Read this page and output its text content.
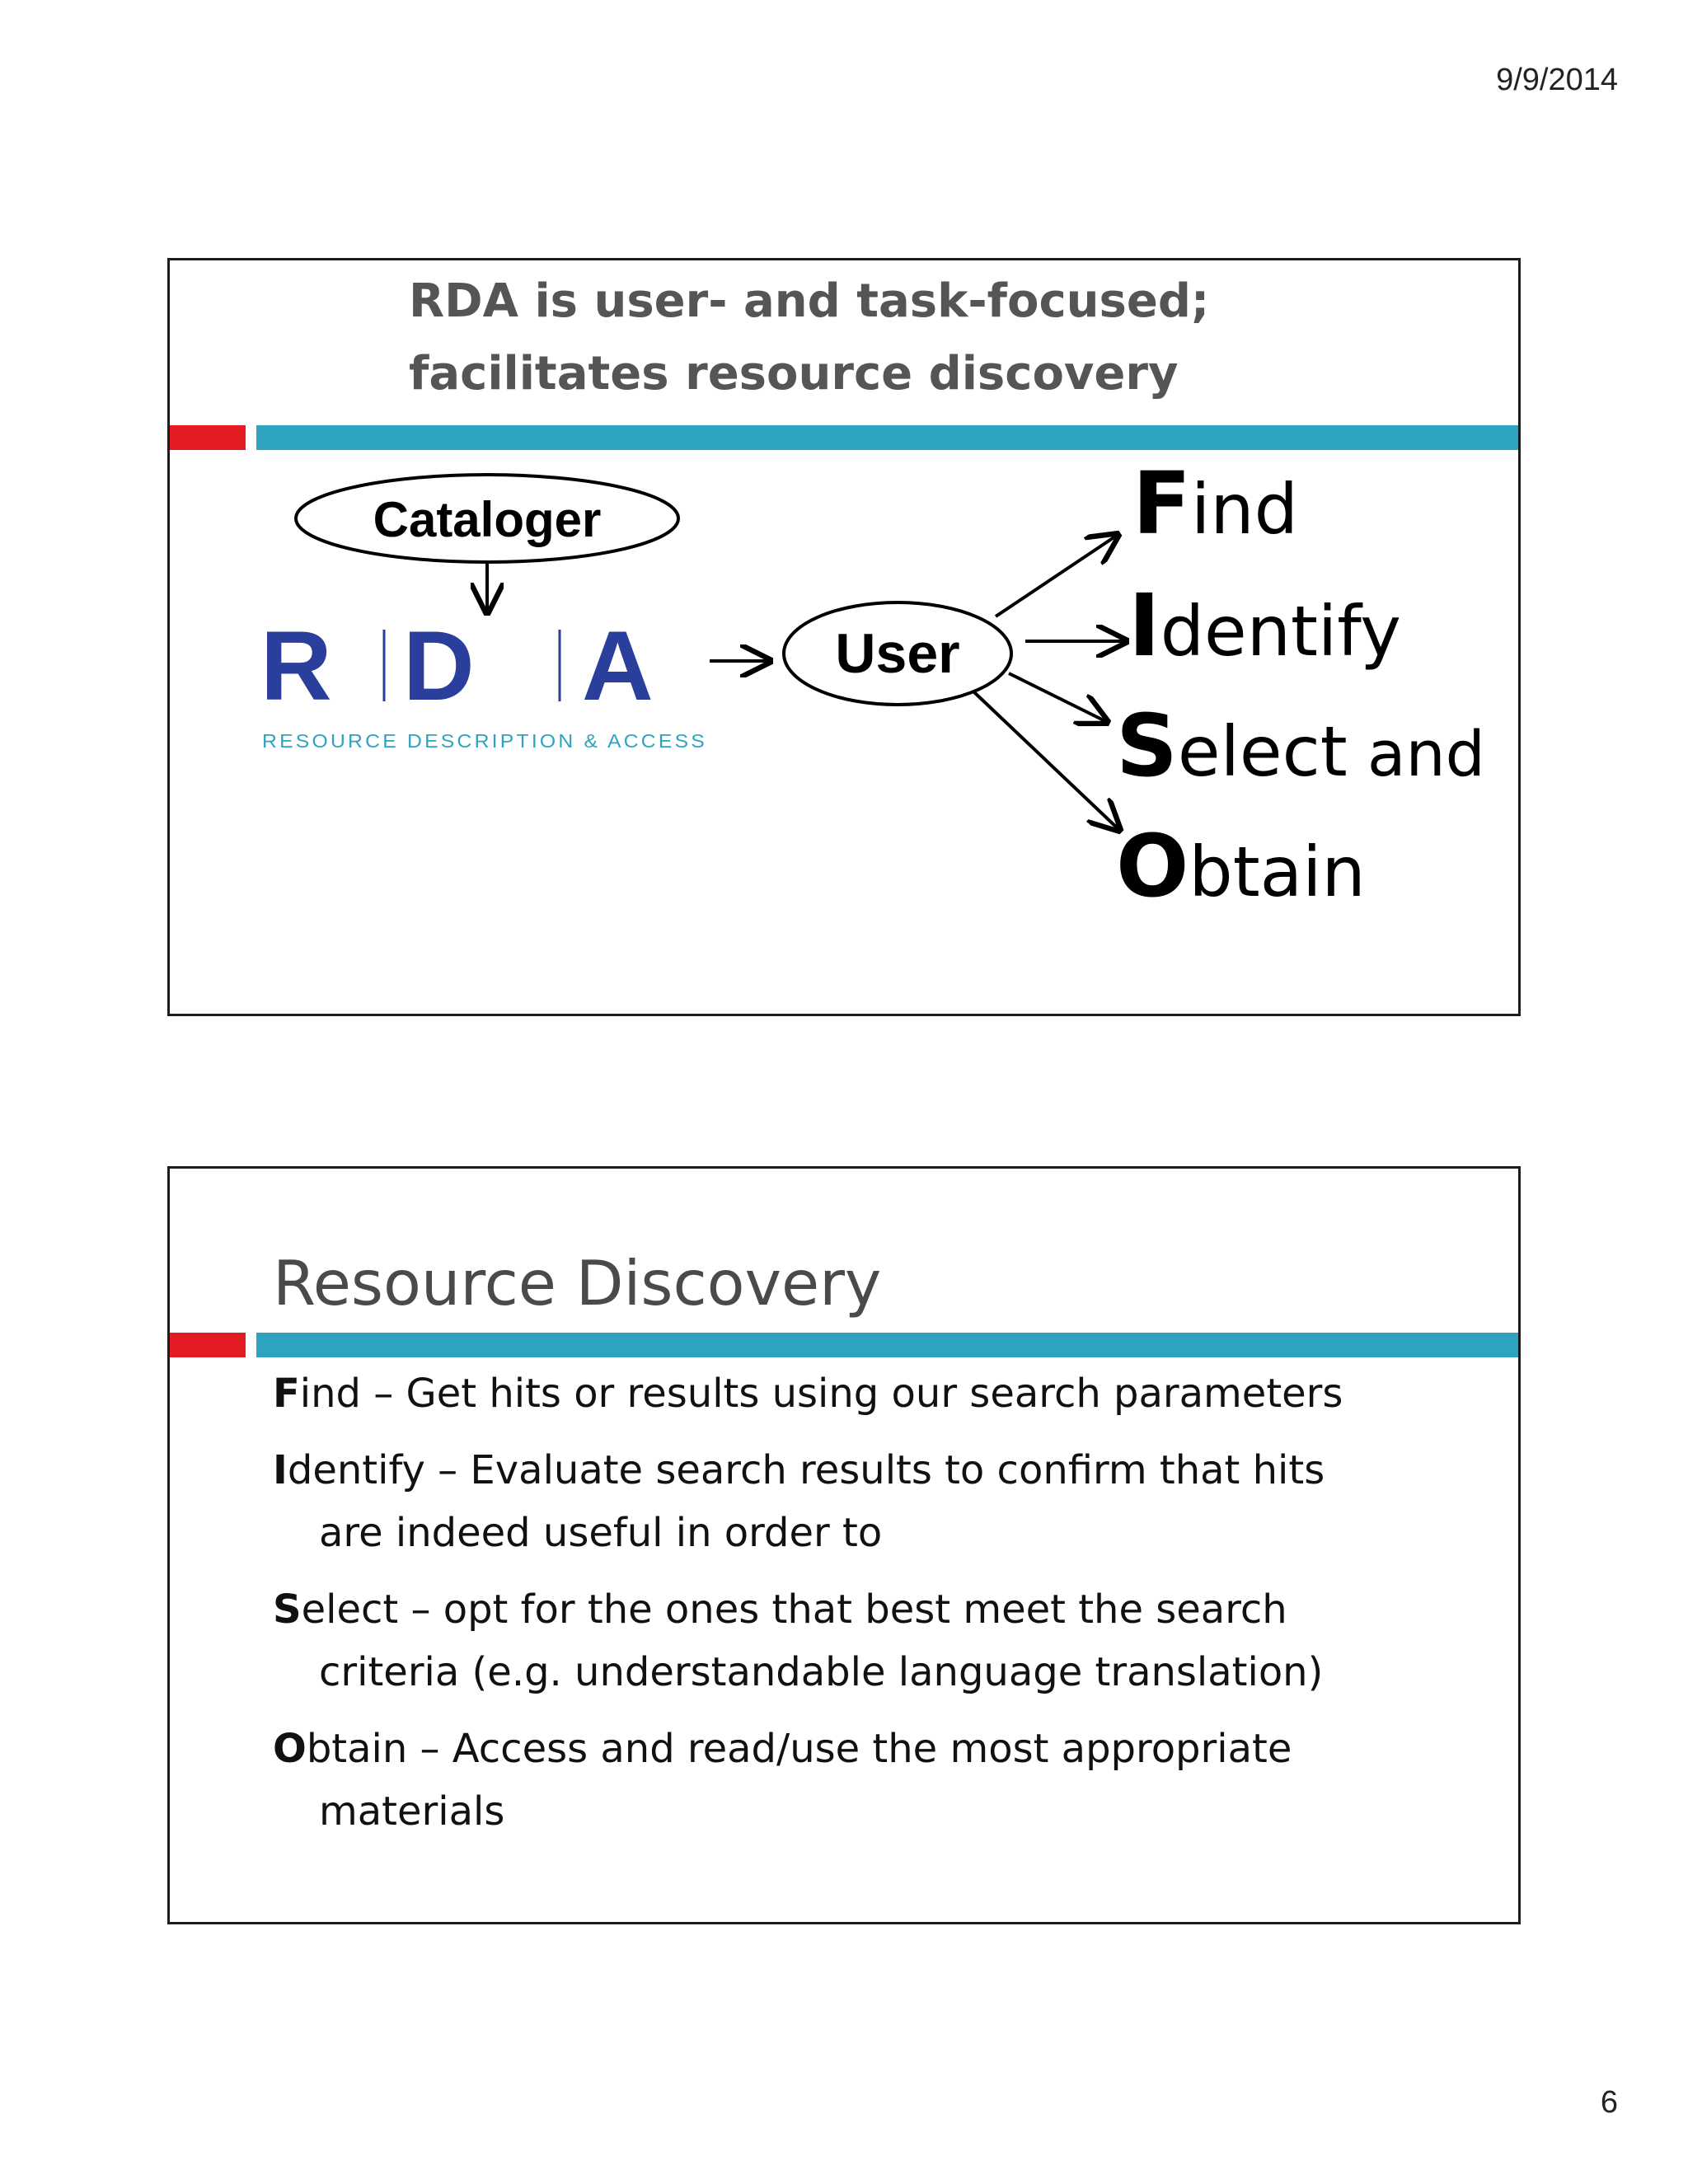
9/9/2014
RDA is user- and task-focused;
facilitates resource discovery
Cataloger
R D A
RESOURCE DESCRIPTION & ACCESS
User
Find
Identify
Select and
Obtain
Resource Discovery
Find – Get hits or results using our search parameters
Identify – Evaluate search results to confirm that hits
are indeed useful in order to
Select – opt for the ones that best meet the search
criteria (e.g. understandable language translation)
Obtain – Access and read/use the most appropriate
materials
6
